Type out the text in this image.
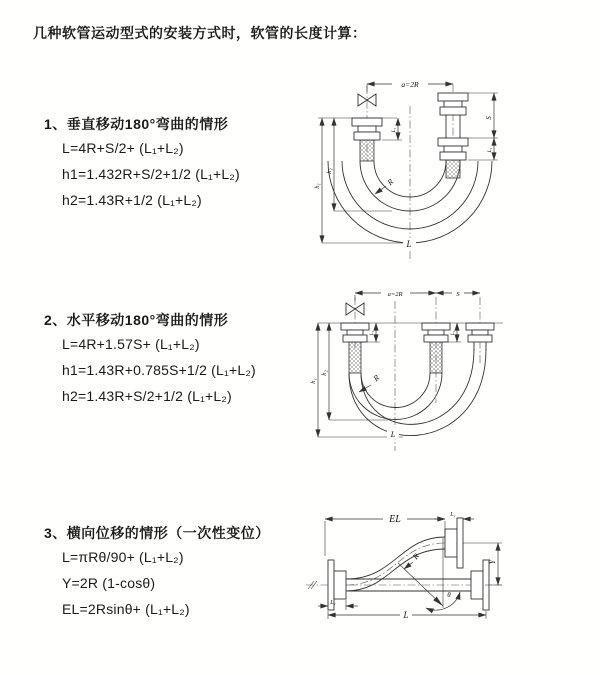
几种软管运动型式的安装方式时，软管的长度计算：
1、垂直移动180°弯曲的情形
L=4R+S/2+ (L₁+L₂)
h1=1.432R+S/2+1/2 (L₁+L₂)
h2=1.43R+1/2 (L₁+L₂)
a=2R
h₁
h₂
S
L₁
L₁
R
L
2、水平移动180°弯曲的情形
L=4R+1.57S+ (L₁+L₂)
h1=1.43R+0.785S+1/2 (L₁+L₂)
h2=1.43R+S/2+1/2 (L₁+L₂)
a=2R	S
h₁
h₂
L₁	L₁
R
L
3、横向位移的情形（一次性变位）
L=πRθ/90+ (L₁+L₂)
Y=2R (1-cosθ)
EL=2Rsinθ+ (L₁+L₂)
EL	L₁
Y
L₁
R
θ
L
